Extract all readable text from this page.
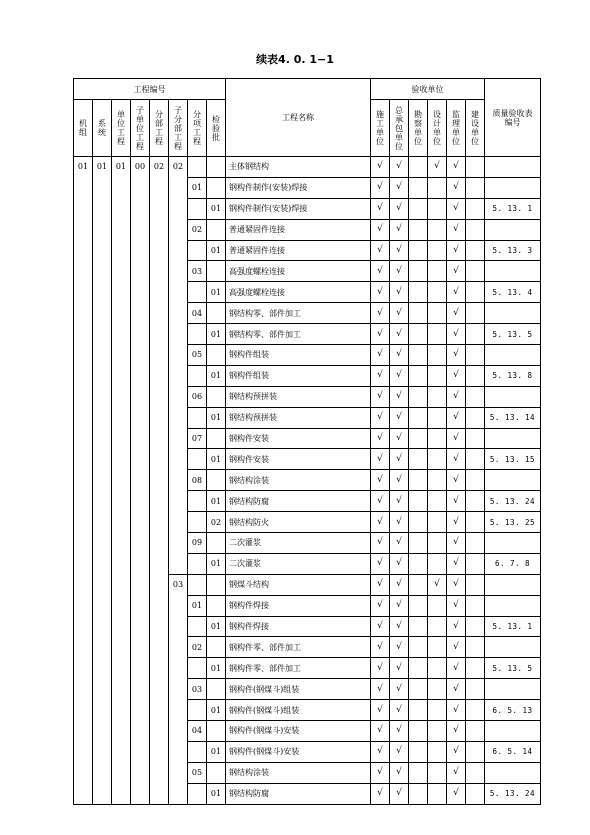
续表4. 0. 1−1
工程编号								工程名称	验收单位						质量验收表编号
机组	系统	单位工程	子单位工程	分部工程	子分部工程	分项工程	检验批		施工单位	总承包单位	勘察单位	设计单位	监理单位	建设单位	
01	01	01	00	02	02			主体钢结构	√	√		√	√		
						01		钢构件制作(安装)焊接	√	√			√		
							01	钢构件制作(安装)焊接	√	√			√		5. 13. 1
						02		普通紧固件连接	√	√			√		
							01	普通紧固件连接	√	√			√		5. 13. 3
						03		高强度螺栓连接	√	√			√		
							01	高强度螺栓连接	√	√			√		5. 13. 4
						04		钢结构零、部件加工	√	√			√		
							01	钢结构零、部件加工	√	√			√		5. 13. 5
						05		钢构件组装	√	√			√		
							01	钢构件组装	√	√			√		5. 13. 8
						06		钢结构预拼装	√	√			√		
							01	钢结构预拼装	√	√			√		5. 13. 14
						07		钢构件安装	√	√			√		
							01	钢构件安装	√	√			√		5. 13. 15
						08		钢结构涂装	√	√			√		
							01	钢结构防腐	√	√			√		5. 13. 24
							02	钢结构防火	√	√			√		5. 13. 25
						09		二次灌浆	√	√			√		
							01	二次灌浆	√	√			√		6. 7. 8
					03			钢煤斗结构	√	√		√	√		
						01		钢构件焊接	√	√			√		
							01	钢构件焊接	√	√			√		5. 13. 1
						02		钢构件零、部件加工	√	√			√		
							01	钢构件零、部件加工	√	√			√		5. 13. 5
						03		钢构件(钢煤斗)组装	√	√			√		
							01	钢构件(钢煤斗)组装	√	√			√		6. 5. 13
						04		钢构件(钢煤斗)安装	√	√			√		
							01	钢构件(钢煤斗)安装	√	√			√		6. 5. 14
						05		钢结构涂装	√	√			√		
							01	钢结构防腐	√	√			√		5. 13. 24
